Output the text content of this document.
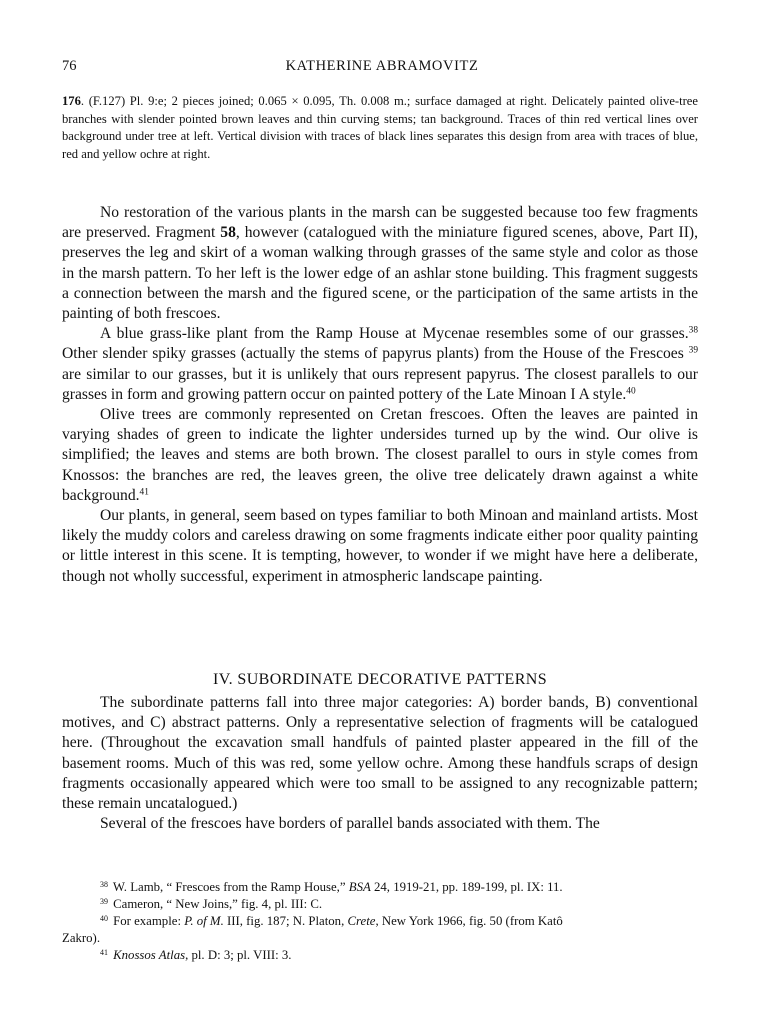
76	KATHERINE ABRAMOVITZ
176. (F.127) Pl. 9:e; 2 pieces joined; 0.065 × 0.095, Th. 0.008 m.; surface damaged at right. Delicately painted olive-tree branches with slender pointed brown leaves and thin curving stems; tan background. Traces of thin red vertical lines over background under tree at left. Vertical division with traces of black lines separates this design from area with traces of blue, red and yellow ochre at right.

No restoration of the various plants in the marsh can be suggested because too few fragments are preserved. Fragment 58, however (catalogued with the miniature figured scenes, above, Part II), preserves the leg and skirt of a woman walking through grasses of the same style and color as those in the marsh pattern. To her left is the lower edge of an ashlar stone building. This fragment suggests a connection between the marsh and the figured scene, or the participation of the same artists in the painting of both frescoes.

A blue grass-like plant from the Ramp House at Mycenae resembles some of our grasses.$^{38}$ Other slender spiky grasses (actually the stems of papyrus plants) from the House of the Frescoes $^{39}$ are similar to our grasses, but it is unlikely that ours represent papyrus. The closest parallels to our grasses in form and growing pattern occur on painted pottery of the Late Minoan I A style.$^{40}$

Olive trees are commonly represented on Cretan frescoes. Often the leaves are painted in varying shades of green to indicate the lighter undersides turned up by the wind. Our olive is simplified; the leaves and stems are both brown. The closest parallel to ours in style comes from Knossos: the branches are red, the leaves green, the olive tree delicately drawn against a white background.$^{41}$

Our plants, in general, seem based on types familiar to both Minoan and mainland artists. Most likely the muddy colors and careless drawing on some fragments indicate either poor quality painting or little interest in this scene. It is tempting, however, to wonder if we might have here a deliberate, though not wholly successful, experiment in atmospheric landscape painting.

IV. SUBORDINATE DECORATIVE PATTERNS

The subordinate patterns fall into three major categories: A) border bands, B) conventional motives, and C) abstract patterns. Only a representative selection of fragments will be catalogued here. (Throughout the excavation small handfuls of painted plaster appeared in the fill of the basement rooms. Much of this was red, some yellow ochre. Among these handfuls scraps of design fragments occasionally appeared which were too small to be assigned to any recognizable pattern; these remain uncatalogued.)

Several of the frescoes have borders of parallel bands associated with them. The

$^{38}$ W. Lamb, “ Frescoes from the Ramp House,” BSA 24, 1919-21, pp. 189-199, pl. IX: 11.
$^{39}$ Cameron, “ New Joins,” fig. 4, pl. III: C.
$^{40}$ For example: P. of M. III, fig. 187; N. Platon, Crete, New York 1966, fig. 50 (from Katô
Zakro).
$^{41}$ Knossos Atlas, pl. D: 3; pl. VIII: 3.
